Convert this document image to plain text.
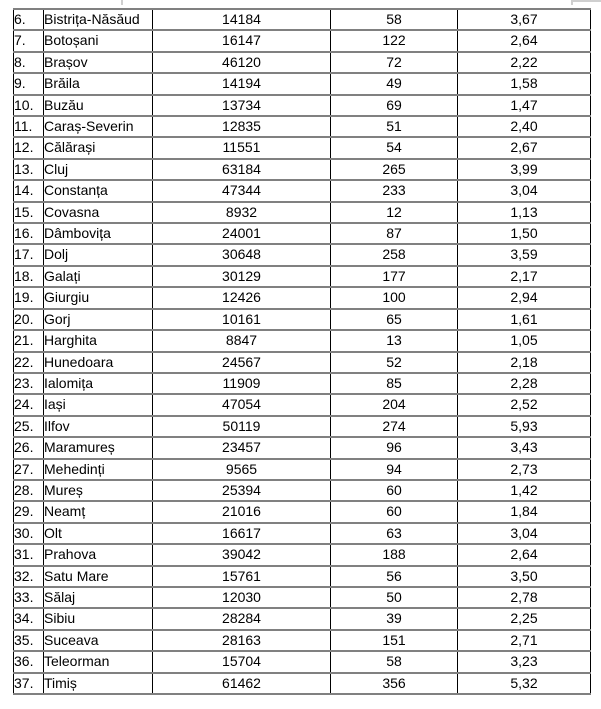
6.	Bistrița-Năsăud	14184	58	3,67
7.	Botoșani	16147	122	2,64
8.	Brașov	46120	72	2,22
9.	Brăila	14194	49	1,58
10.	Buzău	13734	69	1,47
11.	Caraș-Severin	12835	51	2,40
12.	Călărași	11551	54	2,67
13.	Cluj	63184	265	3,99
14.	Constanța	47344	233	3,04
15.	Covasna	8932	12	1,13
16.	Dâmbovița	24001	87	1,50
17.	Dolj	30648	258	3,59
18.	Galați	30129	177	2,17
19.	Giurgiu	12426	100	2,94
20.	Gorj	10161	65	1,61
21.	Harghita	8847	13	1,05
22.	Hunedoara	24567	52	2,18
23.	Ialomița	11909	85	2,28
24.	Iași	47054	204	2,52
25.	Ilfov	50119	274	5,93
26.	Maramureș	23457	96	3,43
27.	Mehedinți	9565	94	2,73
28.	Mureș	25394	60	1,42
29.	Neamț	21016	60	1,84
30.	Olt	16617	63	3,04
31.	Prahova	39042	188	2,64
32.	Satu Mare	15761	56	3,50
33.	Sălaj	12030	50	2,78
34.	Sibiu	28284	39	2,25
35.	Suceava	28163	151	2,71
36.	Teleorman	15704	58	3,23
37.	Timiș	61462	356	5,32
